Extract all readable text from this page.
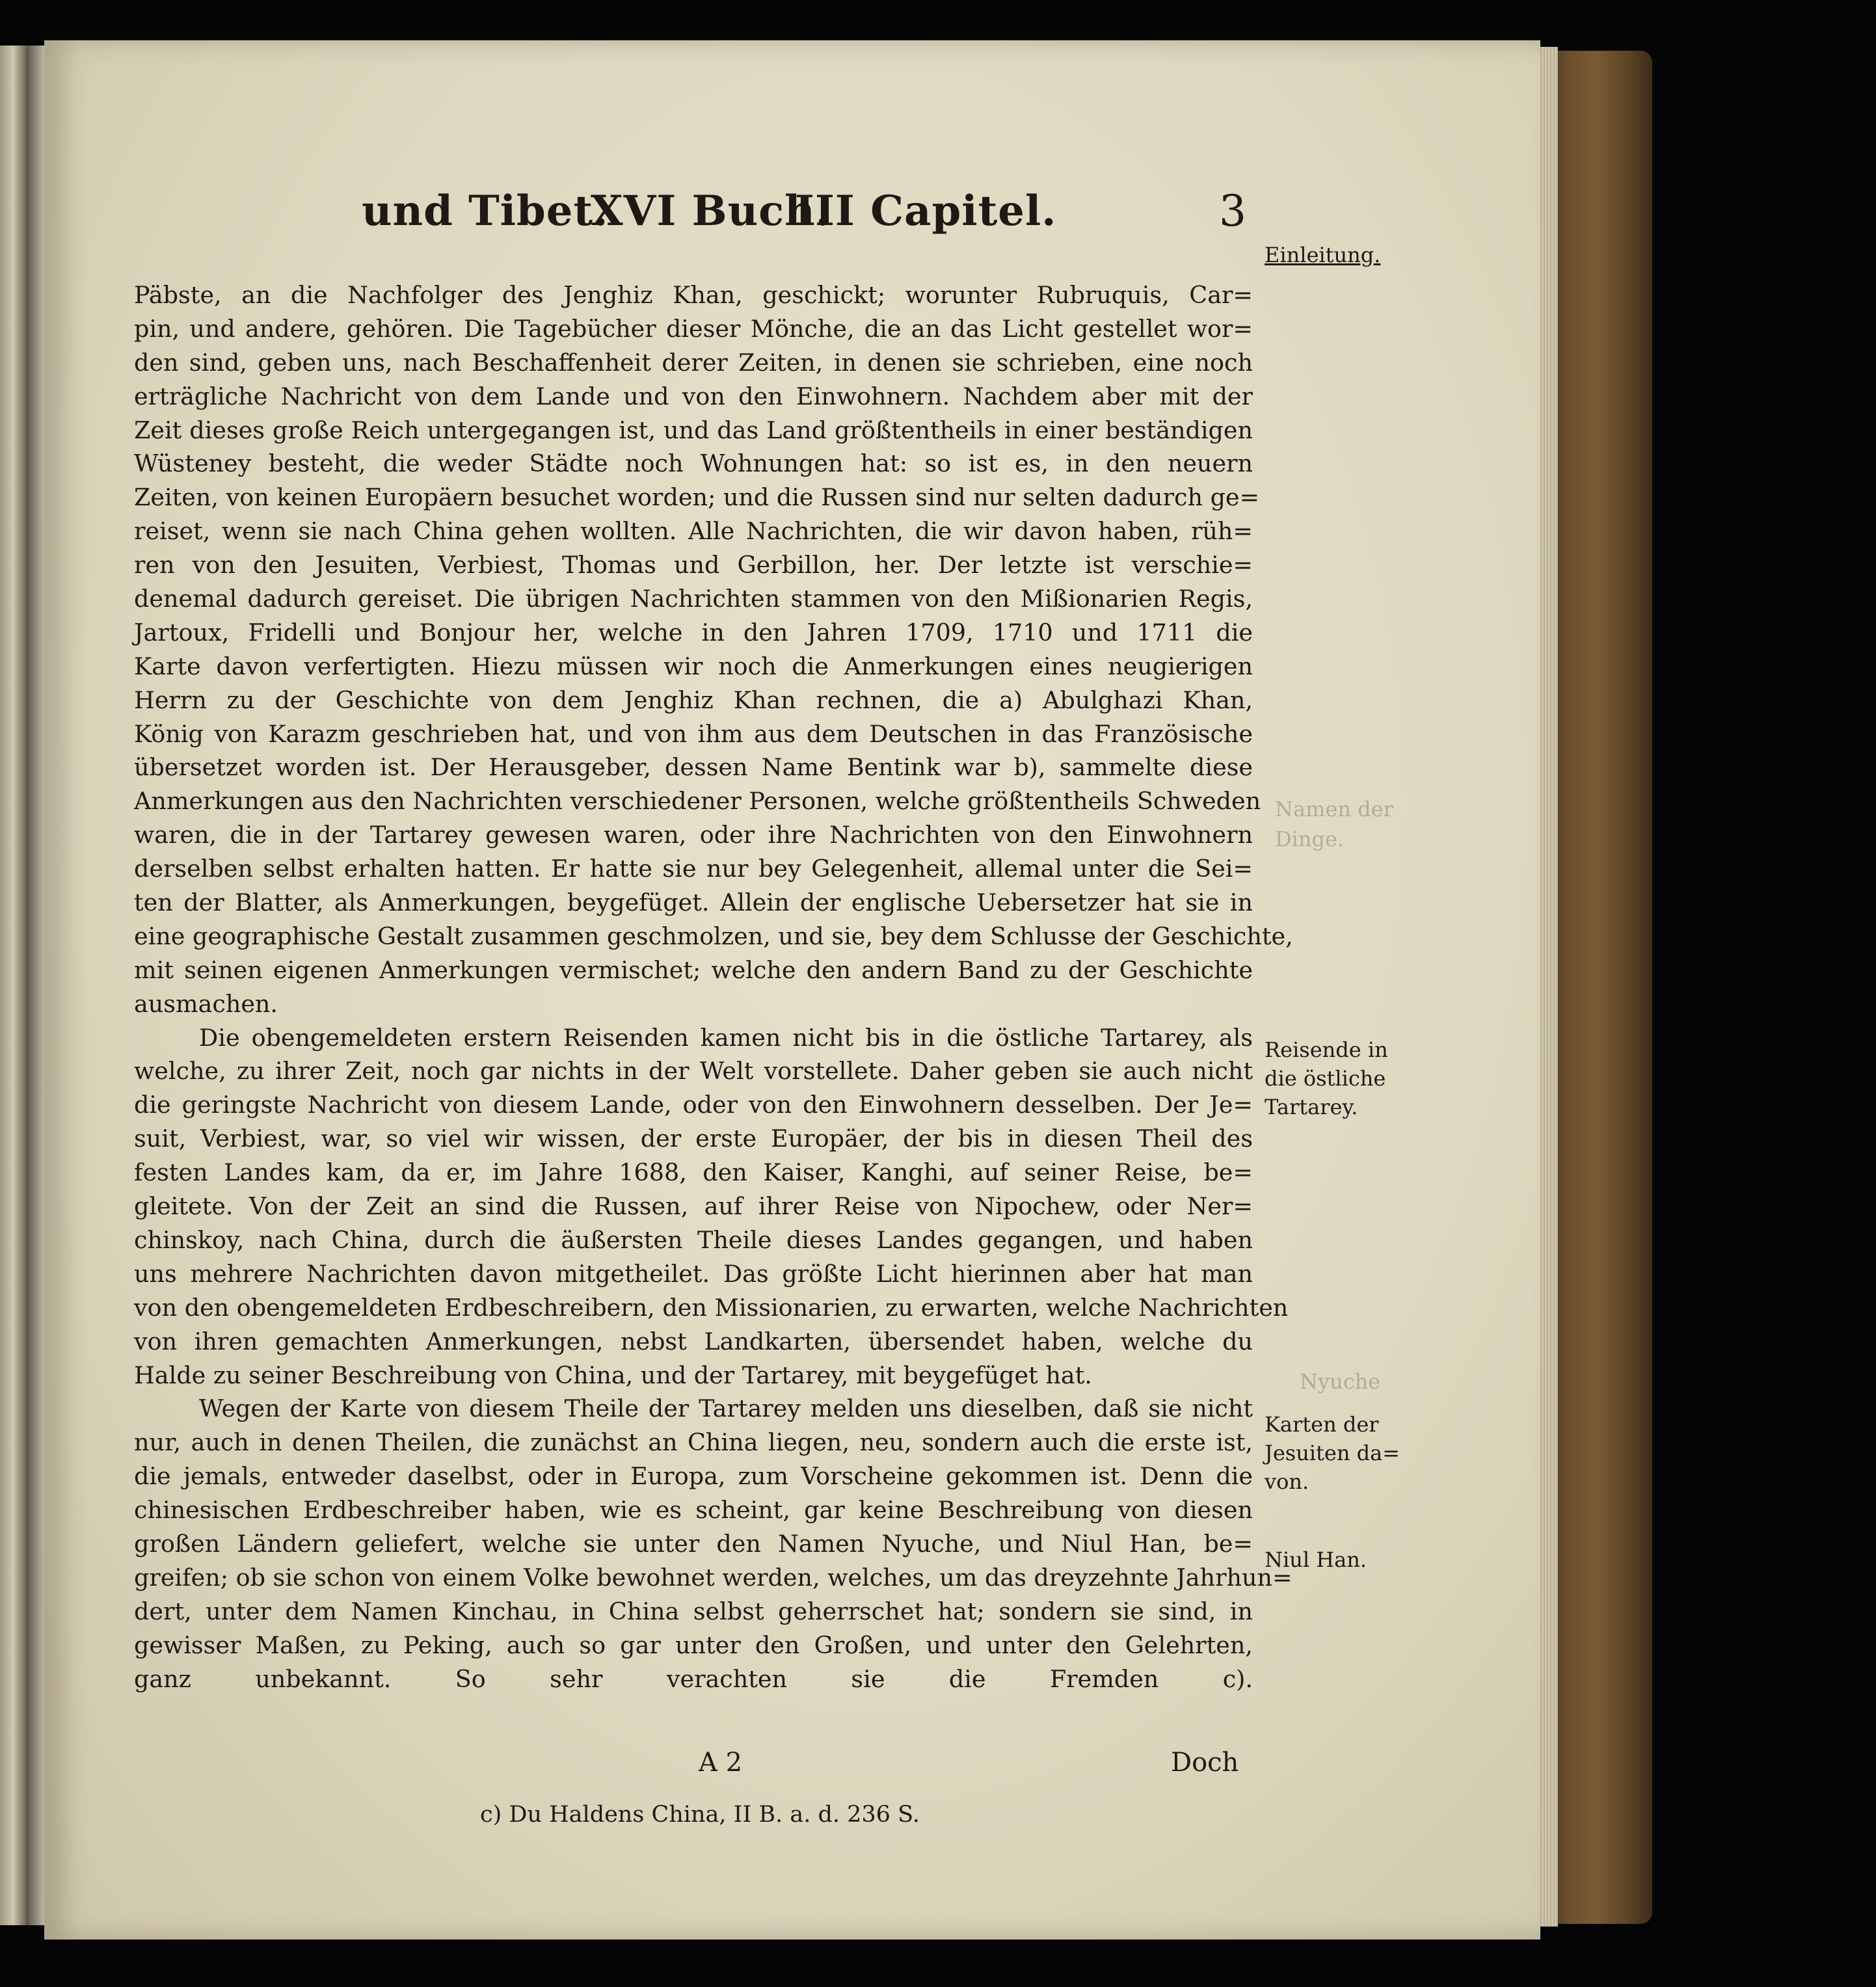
und Tibet.
XVI Buch.
III Capitel.	3
Päbste, an die Nachfolger des Jenghiz Khan, geschickt; worunter Rubruquis, Car=
pin, und andere, gehören. Die Tagebücher dieser Mönche, die an das Licht gestellet wor=
den sind, geben uns, nach Beschaffenheit derer Zeiten, in denen sie schrieben, eine noch
erträgliche Nachricht von dem Lande und von den Einwohnern. Nachdem aber mit der
Zeit dieses große Reich untergegangen ist, und das Land größtentheils in einer beständigen
Wüsteney besteht, die weder Städte noch Wohnungen hat: so ist es, in den neuern
Zeiten, von keinen Europäern besuchet worden; und die Russen sind nur selten dadurch ge=
reiset, wenn sie nach China gehen wollten. Alle Nachrichten, die wir davon haben, rüh=
ren von den Jesuiten, Verbiest, Thomas und Gerbillon, her. Der letzte ist verschie=
denemal dadurch gereiset. Die übrigen Nachrichten stammen von den Mißionarien Regis,
Jartoux, Fridelli und Bonjour her, welche in den Jahren 1709, 1710 und 1711 die
Karte davon verfertigten. Hiezu müssen wir noch die Anmerkungen eines neugierigen
Herrn zu der Geschichte von dem Jenghiz Khan rechnen, die a) Abulghazi Khan,
König von Karazm geschrieben hat, und von ihm aus dem Deutschen in das Französische
übersetzet worden ist. Der Herausgeber, dessen Name Bentink war b), sammelte diese
Anmerkungen aus den Nachrichten verschiedener Personen, welche größtentheils Schweden
waren, die in der Tartarey gewesen waren, oder ihre Nachrichten von den Einwohnern
derselben selbst erhalten hatten. Er hatte sie nur bey Gelegenheit, allemal unter die Sei=
ten der Blatter, als Anmerkungen, beygefüget. Allein der englische Uebersetzer hat sie in
eine geographische Gestalt zusammen geschmolzen, und sie, bey dem Schlusse der Geschichte,
mit seinen eigenen Anmerkungen vermischet; welche den andern Band zu der Geschichte
ausmachen.
Die obengemeldeten erstern Reisenden kamen nicht bis in die östliche Tartarey, als
welche, zu ihrer Zeit, noch gar nichts in der Welt vorstellete. Daher geben sie auch nicht
die geringste Nachricht von diesem Lande, oder von den Einwohnern desselben. Der Je=
suit, Verbiest, war, so viel wir wissen, der erste Europäer, der bis in diesen Theil des
festen Landes kam, da er, im Jahre 1688, den Kaiser, Kanghi, auf seiner Reise, be=
gleitete. Von der Zeit an sind die Russen, auf ihrer Reise von Nipochew, oder Ner=
chinskoy, nach China, durch die äußersten Theile dieses Landes gegangen, und haben
uns mehrere Nachrichten davon mitgetheilet. Das größte Licht hierinnen aber hat man
von den obengemeldeten Erdbeschreibern, den Missionarien, zu erwarten, welche Nachrichten
von ihren gemachten Anmerkungen, nebst Landkarten, übersendet haben, welche du
Halde zu seiner Beschreibung von China, und der Tartarey, mit beygefüget hat.
Wegen der Karte von diesem Theile der Tartarey melden uns dieselben, daß sie nicht
nur, auch in denen Theilen, die zunächst an China liegen, neu, sondern auch die erste ist,
die jemals, entweder daselbst, oder in Europa, zum Vorscheine gekommen ist. Denn die
chinesischen Erdbeschreiber haben, wie es scheint, gar keine Beschreibung von diesen
großen Ländern geliefert, welche sie unter den Namen Nyuche, und Niul Han, be=
greifen; ob sie schon von einem Volke bewohnet werden, welches, um das dreyzehnte Jahrhun=
dert, unter dem Namen Kinchau, in China selbst geherrschet hat; sondern sie sind, in
gewisser Maßen, zu Peking, auch so gar unter den Großen, und unter den Gelehrten,
ganz unbekannt. So sehr verachten sie die Fremden c).
Einleitung.
Reisende in
die östliche
Tartarey.
Karten der
Jesuiten da=
von.
Niul Han.
Namen der
Dinge.
Nyuche
A 2	Doch
c) Du Haldens China, II B. a. d. 236 S.
